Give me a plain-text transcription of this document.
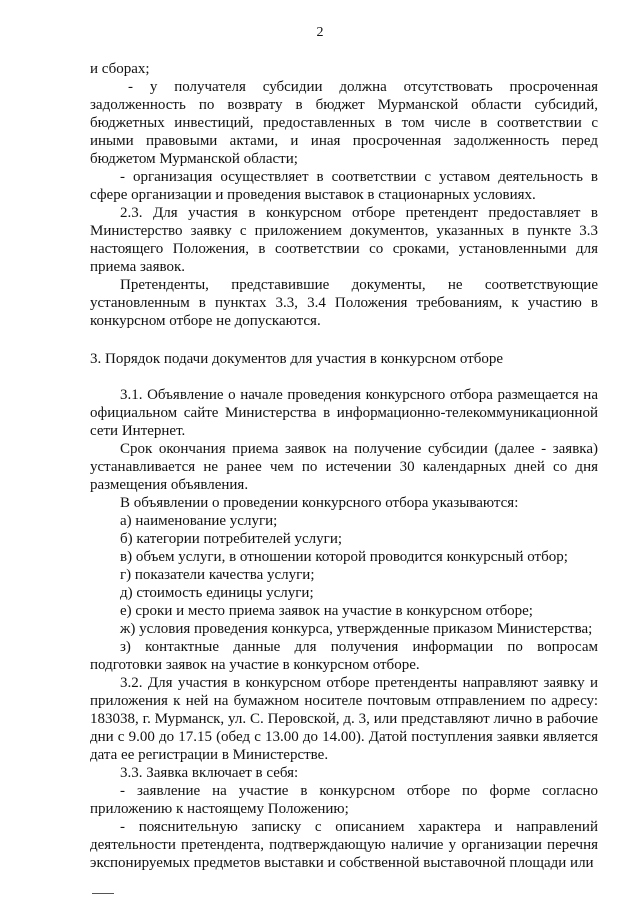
2

и сборах;

- у получателя субсидии должна отсутствовать просроченная задолженность по возврату в бюджет Мурманской области субсидий, бюджетных инвестиций, предоставленных в том числе в соответствии с иными правовыми актами, и иная просроченная задолженность перед бюджетом Мурманской области;

- организация осуществляет в соответствии с уставом деятельность в сфере организации и проведения выставок в стационарных условиях.

2.3. Для участия в конкурсном отборе претендент предоставляет в Министерство заявку с приложением документов, указанных в пункте 3.3 настоящего Положения, в соответствии со сроками, установленными для приема заявок.

Претенденты, представившие документы, не соответствующие установленным в пунктах 3.3, 3.4 Положения требованиям, к участию в конкурсном отборе не допускаются.

3. Порядок подачи документов для участия в конкурсном отборе

3.1. Объявление о начале проведения конкурсного отбора размещается на официальном сайте Министерства в информационно-телекоммуникационной сети Интернет.

Срок окончания приема заявок на получение субсидии (далее - заявка) устанавливается не ранее чем по истечении 30 календарных дней со дня размещения объявления.

В объявлении о проведении конкурсного отбора указываются:

а) наименование услуги;

б) категории потребителей услуги;

в) объем услуги, в отношении которой проводится конкурсный отбор;

г) показатели качества услуги;

д) стоимость единицы услуги;

е) сроки и место приема заявок на участие в конкурсном отборе;

ж) условия проведения конкурса, утвержденные приказом Министерства;

з) контактные данные для получения информации по вопросам подготовки заявок на участие в конкурсном отборе.

3.2. Для участия в конкурсном отборе претенденты направляют заявку и приложения к ней на бумажном носителе почтовым отправлением по адресу: 183038, г. Мурманск, ул. С. Перовской, д. 3, или представляют лично в рабочие дни с 9.00 до 17.15 (обед с 13.00 до 14.00). Датой поступления заявки является дата ее регистрации в Министерстве.

3.3. Заявка включает в себя:

- заявление на участие в конкурсном отборе по форме согласно приложению к настоящему Положению;

- пояснительную записку с описанием характера и направлений деятельности претендента, подтверждающую наличие у организации перечня экспонируемых предметов выставки и собственной выставочной площади или
